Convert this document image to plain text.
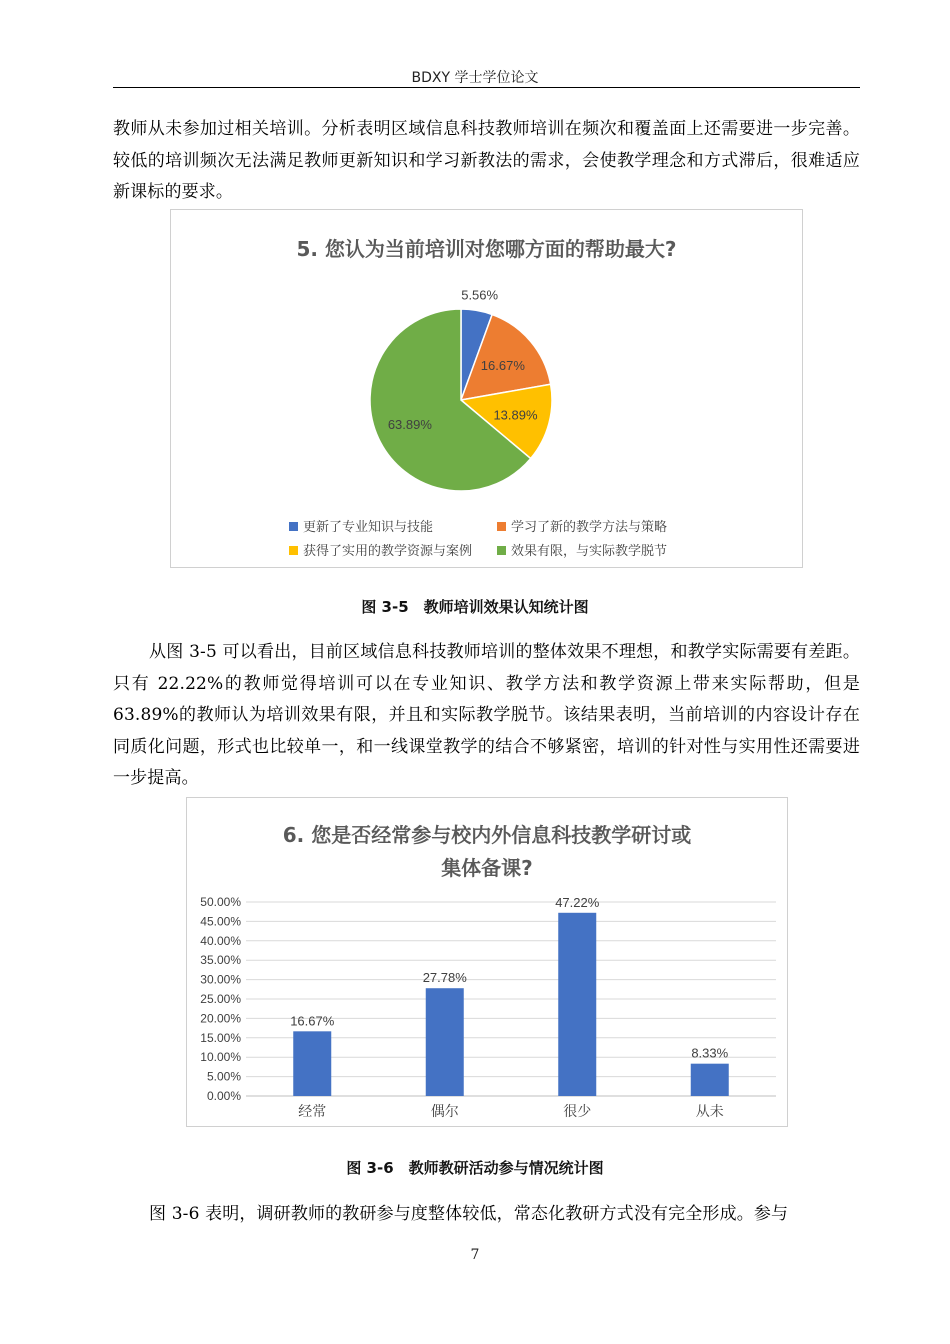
BDXY 学士学位论文

教师从未参加过相关培训。分析表明区域信息科技教师培训在频次和覆盖面上还需要进一步完善。较低的培训频次无法满足教师更新知识和学习新教法的需求，会使教学理念和方式滞后，很难适应新课标的要求。

5. 您认为当前培训对您哪方面的帮助最大?
5.56%
16.67%
13.89%
63.89%
更新了专业知识与技能	学习了新的教学方法与策略
获得了实用的教学资源与案例	效果有限，与实际教学脱节
图 3-5　教师培训效果认知统计图

从图 3-5 可以看出，目前区域信息科技教师培训的整体效果不理想，和教学实际需要有差距。只有 22.22%的教师觉得培训可以在专业知识、教学方法和教学资源上带来实际帮助，但是 63.89%的教师认为培训效果有限，并且和实际教学脱节。该结果表明，当前培训的内容设计存在同质化问题，形式也比较单一，和一线课堂教学的结合不够紧密，培训的针对性与实用性还需要进一步提高。

6. 您是否经常参与校内外信息科技教学研讨或
集体备课?
0.00%
5.00%
10.00%
15.00%
20.00%
25.00%
30.00%
35.00%
40.00%
45.00%
50.00%
16.67%
经常
27.78%
偶尔
47.22%
很少
8.33%
从未
图 3-6　教师教研活动参与情况统计图

图 3-6 表明，调研教师的教研参与度整体较低，常态化教研方式没有完全形成。参与

7
